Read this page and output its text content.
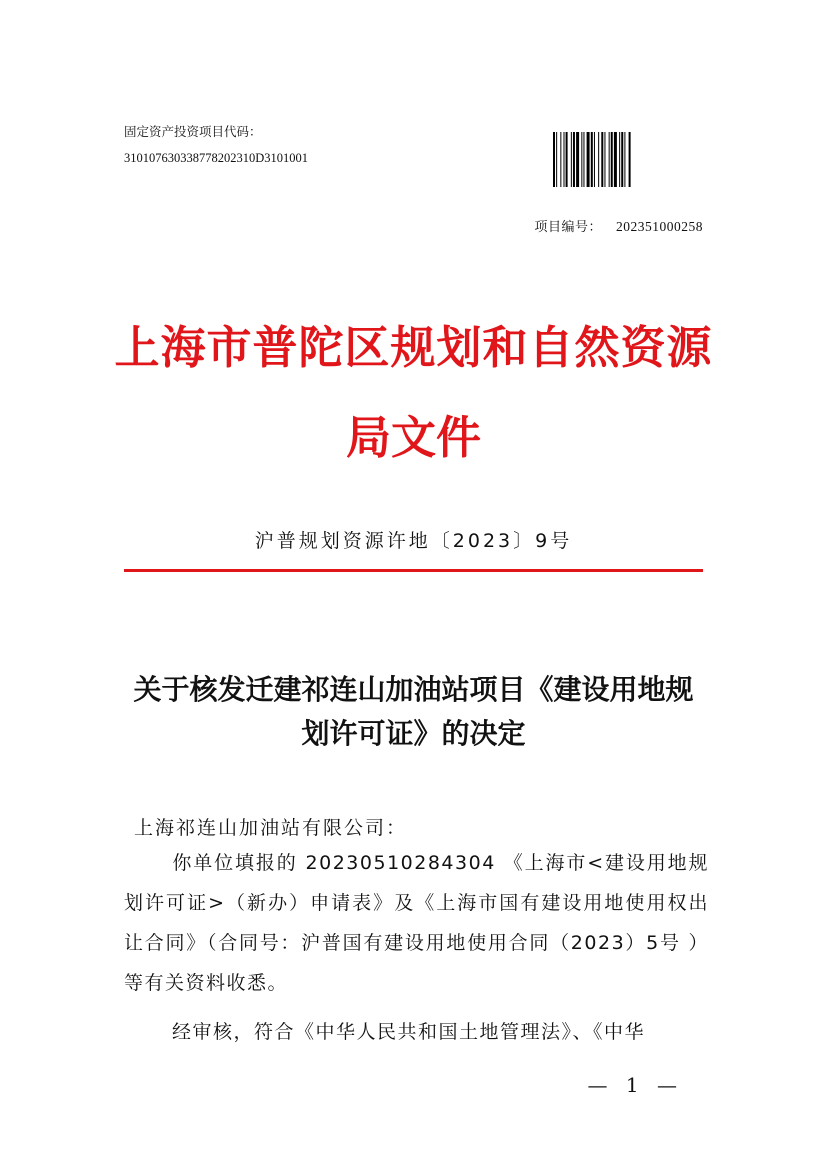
固定资产投资项目代码：
310107630338778202310D3101001
项目编号： 202351000258
上海市普陀区规划和自然资源
局文件
沪普规划资源许地〔2023〕9号
关于核发迁建祁连山加油站项目《建设用地规划许可证》的决定
上海祁连山加油站有限公司：
你单位填报的 20230510284304 《上海市<建设用地规划许可证>（新办）申请表》及《上海市国有建设用地使用权出让合同》（合同号：沪普国有建设用地使用合同（2023）5号 ）等有关资料收悉。
经审核，符合《中华人民共和国土地管理法》、《中华
— 1 —
